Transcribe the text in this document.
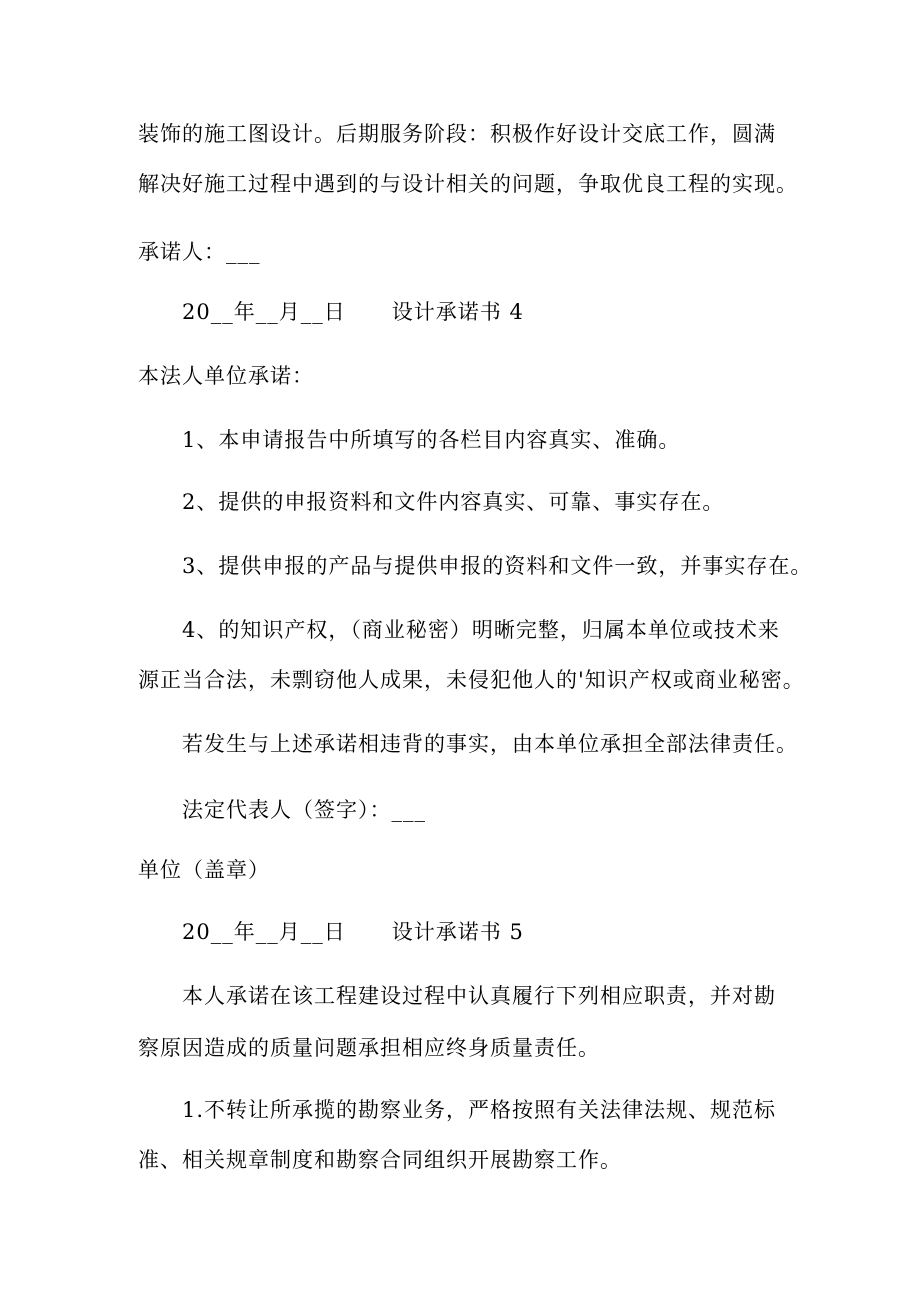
装饰的施工图设计。后期服务阶段：积极作好设计交底工作，圆满
解决好施工过程中遇到的与设计相关的问题，争取优良工程的实现。
承诺人：___
20__年__月__日      设计承诺书 4
本法人单位承诺：
1、本申请报告中所填写的各栏目内容真实、准确。
2、提供的申报资料和文件内容真实、可靠、事实存在。
3、提供申报的产品与提供申报的资料和文件一致，并事实存在。
4、的知识产权，（商业秘密）明晰完整，归属本单位或技术来
源正当合法，未剽窃他人成果，未侵犯他人的'知识产权或商业秘密。
若发生与上述承诺相违背的事实，由本单位承担全部法律责任。
法定代表人（签字）：___
单位（盖章）
20__年__月__日      设计承诺书 5
本人承诺在该工程建设过程中认真履行下列相应职责，并对勘
察原因造成的质量问题承担相应终身质量责任。
1.不转让所承揽的勘察业务，严格按照有关法律法规、规范标
准、相关规章制度和勘察合同组织开展勘察工作。
